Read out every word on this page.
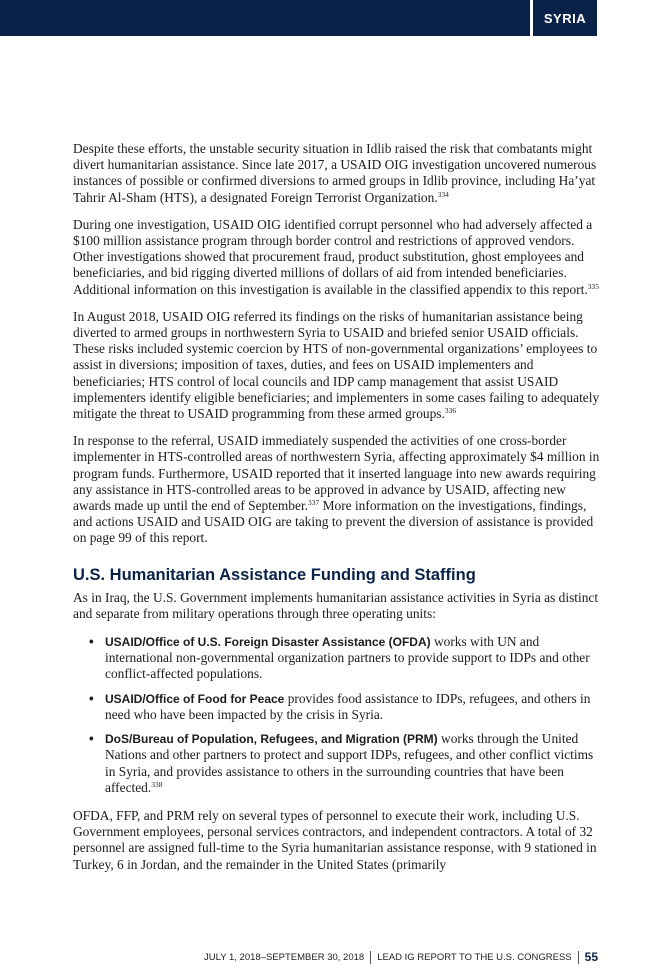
SYRIA

Despite these efforts, the unstable security situation in Idlib raised the risk that combatants might divert humanitarian assistance. Since late 2017, a USAID OIG investigation uncovered numerous instances of possible or confirmed diversions to armed groups in Idlib province, including Ha’yat Tahrir Al-Sham (HTS), a designated Foreign Terrorist Organization.$^{334}$

During one investigation, USAID OIG identified corrupt personnel who had adversely affected a $100 million assistance program through border control and restrictions of approved vendors. Other investigations showed that procurement fraud, product substitution, ghost employees and beneficiaries, and bid rigging diverted millions of dollars of aid from intended beneficiaries. Additional information on this investigation is available in the classified appendix to this report.$^{335}$

In August 2018, USAID OIG referred its findings on the risks of humanitarian assistance being diverted to armed groups in northwestern Syria to USAID and briefed senior USAID officials. These risks included systemic coercion by HTS of non-governmental organizations’ employees to assist in diversions; imposition of taxes, duties, and fees on USAID implementers and beneficiaries; HTS control of local councils and IDP camp management that assist USAID implementers identify eligible beneficiaries; and implementers in some cases failing to adequately mitigate the threat to USAID programming from these armed groups.$^{336}$

In response to the referral, USAID immediately suspended the activities of one cross-border implementer in HTS-controlled areas of northwestern Syria, affecting approximately $4 million in program funds. Furthermore, USAID reported that it inserted language into new awards requiring any assistance in HTS-controlled areas to be approved in advance by USAID, affecting new awards made up until the end of September.$^{337}$ More information on the investigations, findings, and actions USAID and USAID OIG are taking to prevent the diversion of assistance is provided on page 99 of this report.

U.S. Humanitarian Assistance Funding and Staffing

As in Iraq, the U.S. Government implements humanitarian assistance activities in Syria as distinct and separate from military operations through three operating units:

• USAID/Office of U.S. Foreign Disaster Assistance (OFDA) works with UN and international non-governmental organization partners to provide support to IDPs and other conflict-affected populations.
• USAID/Office of Food for Peace provides food assistance to IDPs, refugees, and others in need who have been impacted by the crisis in Syria.
• DoS/Bureau of Population, Refugees, and Migration (PRM) works through the United Nations and other partners to protect and support IDPs, refugees, and other conflict victims in Syria, and provides assistance to others in the surrounding countries that have been affected.$^{338}$

OFDA, FFP, and PRM rely on several types of personnel to execute their work, including U.S. Government employees, personal services contractors, and independent contractors. A total of 32 personnel are assigned full-time to the Syria humanitarian assistance response, with 9 stationed in Turkey, 6 in Jordan, and the remainder in the United States (primarily

JULY 1, 2018–SEPTEMBER 30, 2018 LEAD IG REPORT TO THE U.S. CONGRESS 55
